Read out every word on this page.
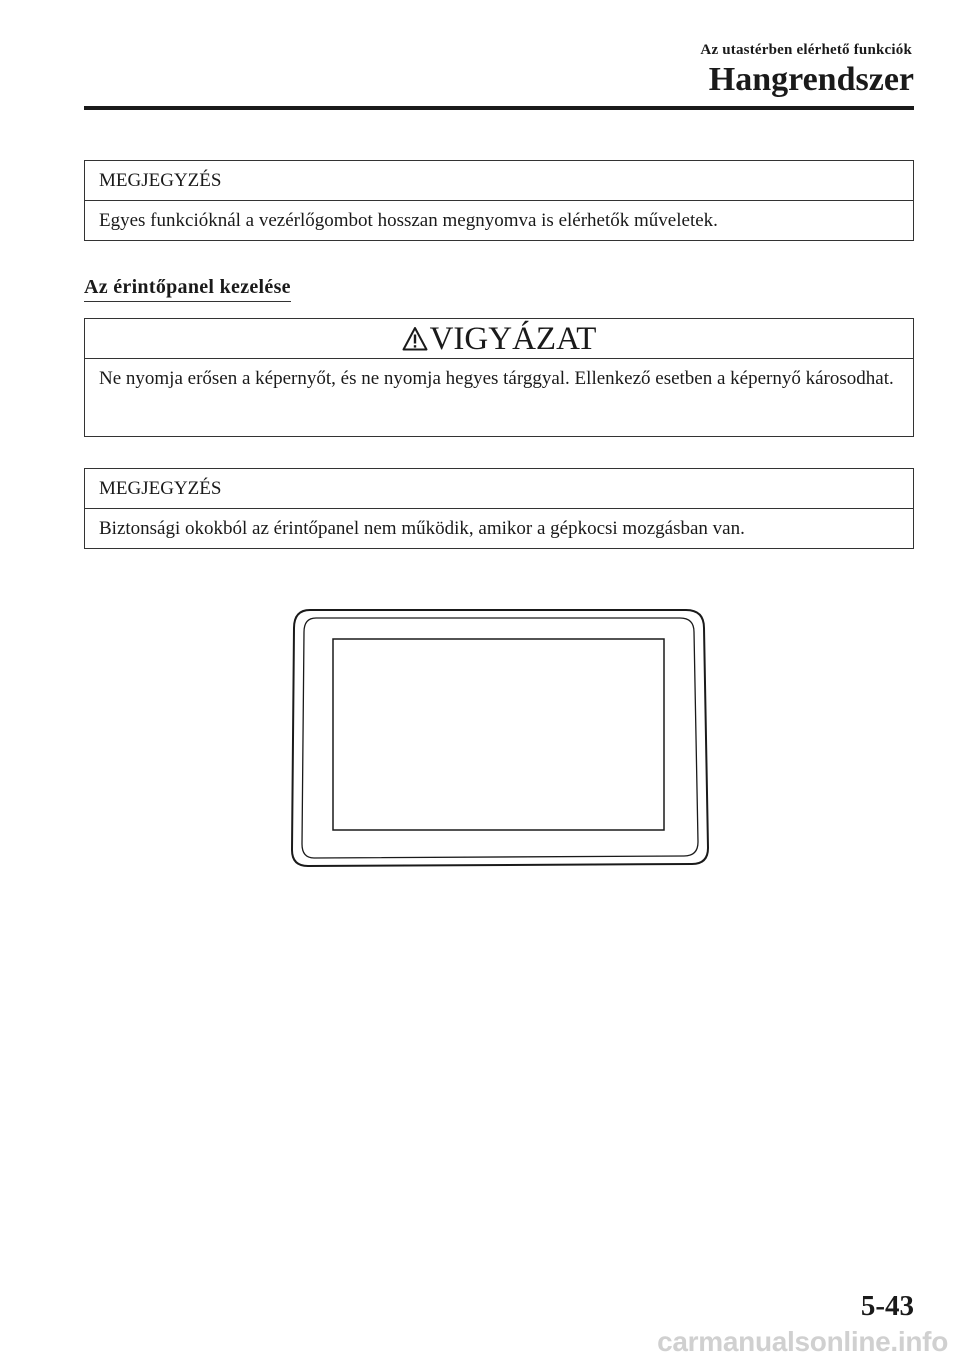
Az utastérben elérhető funkciók
Hangrendszer
MEGJEGYZÉS
Egyes funkcióknál a vezérlőgombot hosszan megnyomva is elérhetők műveletek.
Az érintőpanel kezelése
VIGYÁZAT
Ne nyomja erősen a képernyőt, és ne nyomja hegyes tárggyal. Ellenkező esetben a képernyő károsodhat.
MEGJEGYZÉS
Biztonsági okokból az érintőpanel nem működik, amikor a gépkocsi mozgásban van.
5-43
carmanualsonline.info
